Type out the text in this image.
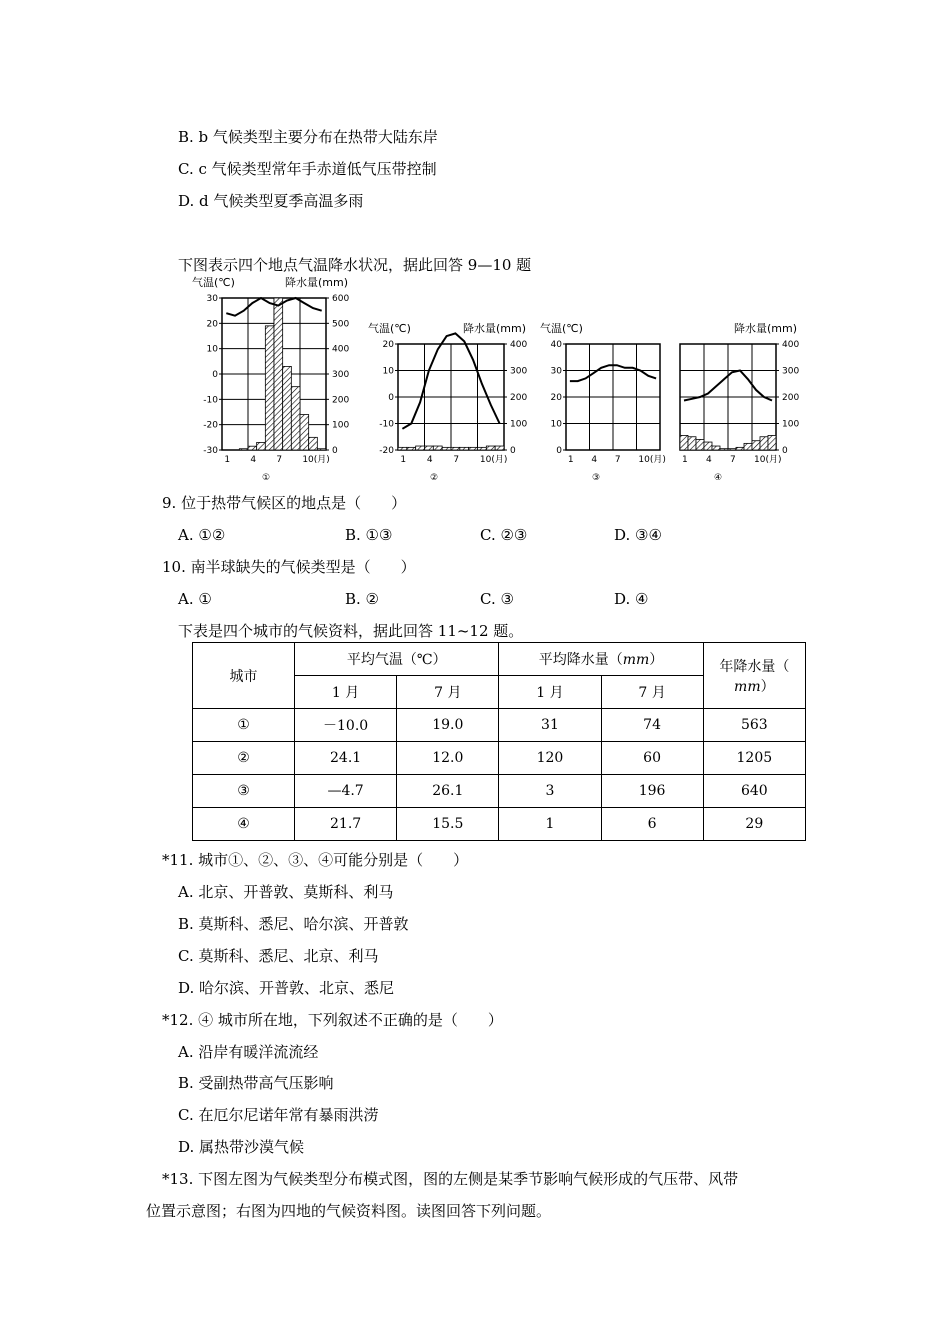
B. b 气候类型主要分布在热带大陆东岸
C. c 气候类型常年手赤道低气压带控制
D. d 气候类型夏季高温多雨
下图表示四个地点气温降水状况，据此回答 9—10 题
气温(℃)	降水量(mm)
30
20
10
0
-10
-20
-30
600
500
400
300
200
100
0
1 4 7 10(月)
①
气温(℃)	降水量(mm)
20
10
0
-10
-20
400
300
200
100
0
1 4 7 10(月)
②
气温(℃)
40
30
20
10
0
1 4 7 10(月)
③
降水量(mm)
400
300
200
100
0
1 4 7 10(月)
④
9. 位于热带气候区的地点是（　　）
A. ①②	B. ①③	C. ②③	D. ③④
10. 南半球缺失的气候类型是（　　）
A. ①	B. ②	C. ③	D. ④
下表是四个城市的气候资料，据此回答 11~12 题。
城市	平均气温（℃）		平均降水量（mm）		年降水量（
mm）
	1 月	7 月	1 月	7 月	
①	－10.0	19.0	31	74	563
②	24.1	12.0	120	60	1205
③	—4.7	26.1	3	196	640
④	21.7	15.5	1	6	29
*11. 城市①、②、③、④可能分别是（　　）
A. 北京、开普敦、莫斯科、利马
B. 莫斯科、悉尼、哈尔滨、开普敦
C. 莫斯科、悉尼、北京、利马
D. 哈尔滨、开普敦、北京、悉尼
*12. ④ 城市所在地，下列叙述不正确的是（　　）
A. 沿岸有暖洋流流经
B. 受副热带高气压影响
C. 在厄尔尼诺年常有暴雨洪涝
D. 属热带沙漠气候
*13. 下图左图为气候类型分布模式图，图的左侧是某季节影响气候形成的气压带、风带
位置示意图；右图为四地的气候资料图。读图回答下列问题。
